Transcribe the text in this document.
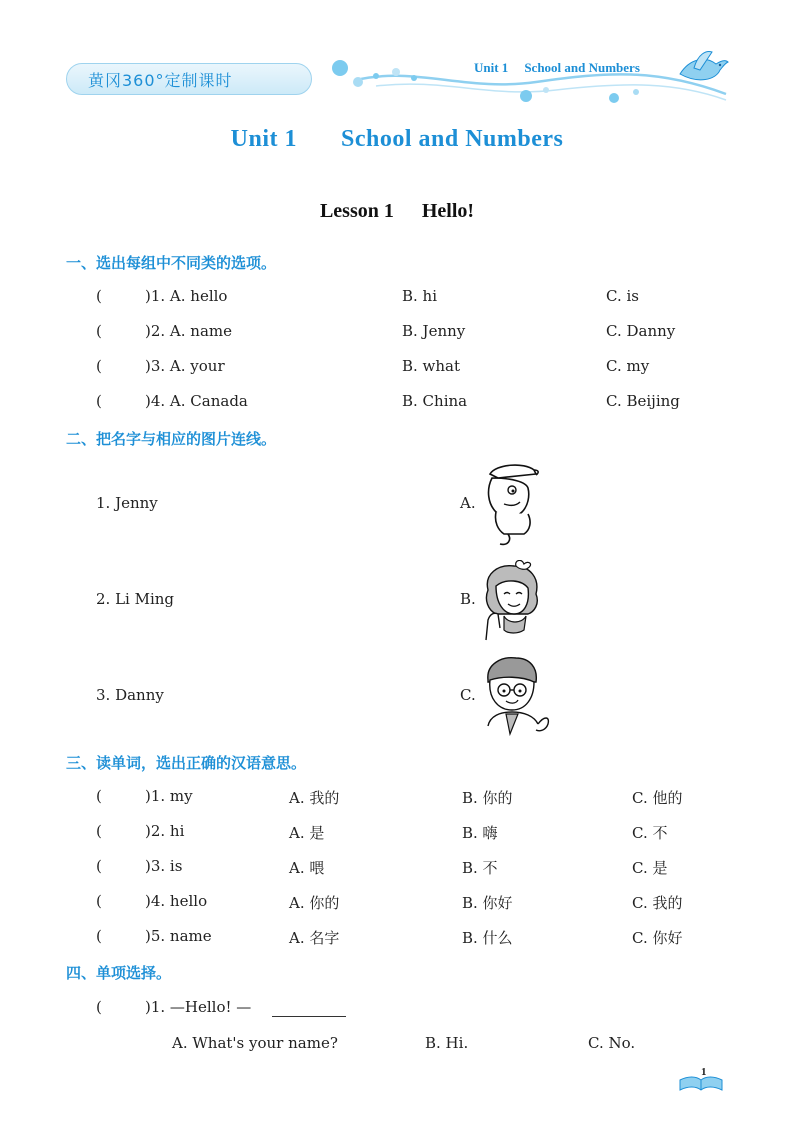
黄冈360°定制课时
Unit 1 School and Numbers
Unit 1 School and Numbers
Lesson 1 Hello!
一、选出每组中不同类的选项。
(	)1. A. hello	B. hi	C. is
(	)2. A. name	B. Jenny	C. Danny
(	)3. A. your	B. what	C. my
(	)4. A. Canada	B. China	C. Beijing
二、把名字与相应的图片连线。
1. Jenny
2. Li Ming
3. Danny
A.
B.
C.
三、读单词，选出正确的汉语意思。
(	)1. my	A. 我的	B. 你的	C. 他的
(	)2. hi	A. 是	B. 嗨	C. 不
(	)3. is	A. 喂	B. 不	C. 是
(	)4. hello	A. 你的	B. 你好	C. 我的
(	)5. name	A. 名字	B. 什么	C. 你好
四、单项选择。
(	)1. —Hello! —
A. What's your name?	B. Hi.	C. No.
1
